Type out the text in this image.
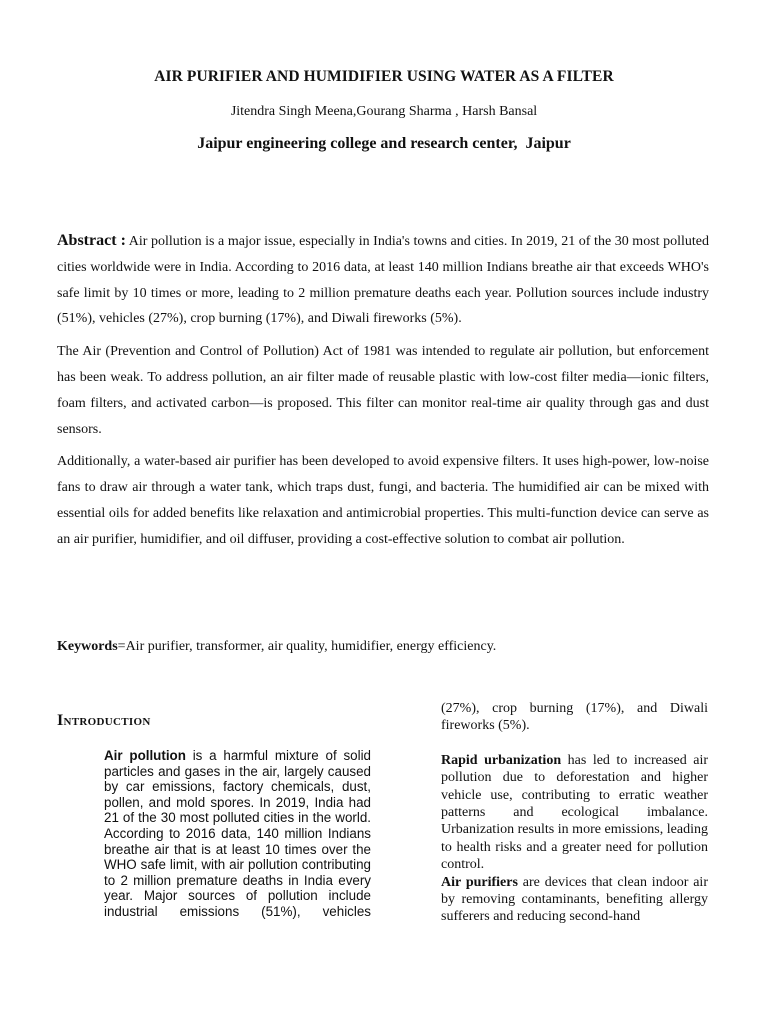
AIR PURIFIER AND HUMIDIFIER USING WATER AS A FILTER
Jitendra Singh Meena,Gourang Sharma , Harsh Bansal
Jaipur engineering college and research center,  Jaipur

Abstract : Air pollution is a major issue, especially in India's towns and cities. In 2019, 21 of the 30 most polluted cities worldwide were in India. According to 2016 data, at least 140 million Indians breathe air that exceeds WHO's safe limit by 10 times or more, leading to 2 million premature deaths each year. Pollution sources include industry (51%), vehicles (27%), crop burning (17%), and Diwali fireworks (5%).

The Air (Prevention and Control of Pollution) Act of 1981 was intended to regulate air pollution, but enforcement has been weak. To address pollution, an air filter made of reusable plastic with low-cost filter media—ionic filters, foam filters, and activated carbon—is proposed. This filter can monitor real-time air quality through gas and dust sensors.

Additionally, a water-based air purifier has been developed to avoid expensive filters. It uses high-power, low-noise fans to draw air through a water tank, which traps dust, fungi, and bacteria. The humidified air can be mixed with essential oils for added benefits like relaxation and antimicrobial properties. This multi-function device can serve as an air purifier, humidifier, and oil diffuser, providing a cost-effective solution to combat air pollution.

Keywords=Air purifier, transformer, air quality, humidifier, energy efficiency.
Introduction
Air pollution is a harmful mixture of solid particles and gases in the air, largely caused by car emissions, factory chemicals, dust, pollen, and mold spores. In 2019, India had 21 of the 30 most polluted cities in the world. According to 2016 data, 140 million Indians breathe air that is at least 10 times over the WHO safe limit, with air pollution contributing to 2 million premature deaths in India every year. Major sources of pollution include industrial emissions (51%), vehicles

(27%), crop burning (17%), and Diwali fireworks (5%).

Rapid urbanization has led to increased air pollution due to deforestation and higher vehicle use, contributing to erratic weather patterns and ecological imbalance. Urbanization results in more emissions, leading to health risks and a greater need for pollution control.

Air purifiers are devices that clean indoor air by removing contaminants, benefiting allergy sufferers and reducing second-hand
